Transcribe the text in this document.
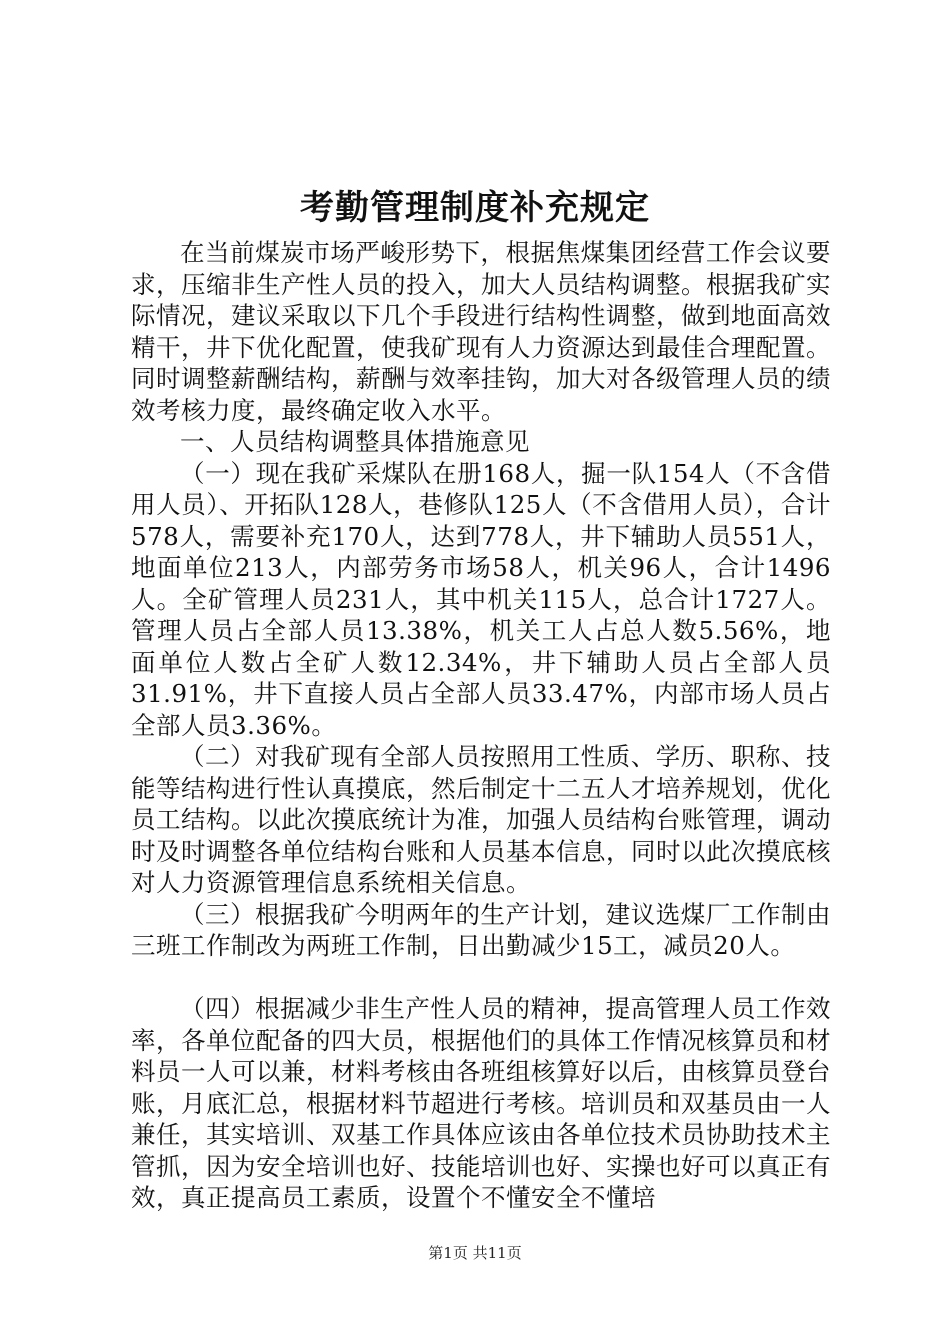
考勤管理制度补充规定

在当前煤炭市场严峻形势下，根据焦煤集团经营工作会议要求，压缩非生产性人员的投入，加大人员结构调整。根据我矿实际情况，建议采取以下几个手段进行结构性调整，做到地面高效精干，井下优化配置，使我矿现有人力资源达到最佳合理配置。同时调整薪酬结构，薪酬与效率挂钩，加大对各级管理人员的绩效考核力度，最终确定收入水平。

一、人员结构调整具体措施意见

（一）现在我矿采煤队在册168人，掘一队154人（不含借用人员）、开拓队128人，巷修队125人（不含借用人员），合计578人，需要补充170人，达到778人，井下辅助人员551人，地面单位213人，内部劳务市场58人，机关96人，合计1496人。全矿管理人员231人，其中机关115人，总合计1727人。管理人员占全部人员13.38%，机关工人占总人数5.56%，地面单位人数占全矿人数12.34%，井下辅助人员占全部人员31.91%，井下直接人员占全部人员33.47%，内部市场人员占全部人员3.36%。

（二）对我矿现有全部人员按照用工性质、学历、职称、技能等结构进行性认真摸底，然后制定十二五人才培养规划，优化员工结构。以此次摸底统计为准，加强人员结构台账管理，调动时及时调整各单位结构台账和人员基本信息，同时以此次摸底核对人力资源管理信息系统相关信息。

（三）根据我矿今明两年的生产计划，建议选煤厂工作制由三班工作制改为两班工作制，日出勤减少15工，减员20人。

（四）根据减少非生产性人员的精神，提高管理人员工作效率，各单位配备的四大员，根据他们的具体工作情况核算员和材料员一人可以兼，材料考核由各班组核算好以后，由核算员登台账，月底汇总，根据材料节超进行考核。培训员和双基员由一人兼任，其实培训、双基工作具体应该由各单位技术员协助技术主管抓，因为安全培训也好、技能培训也好、实操也好可以真正有效，真正提高员工素质，设置个不懂安全不懂培

第1页 共11页
